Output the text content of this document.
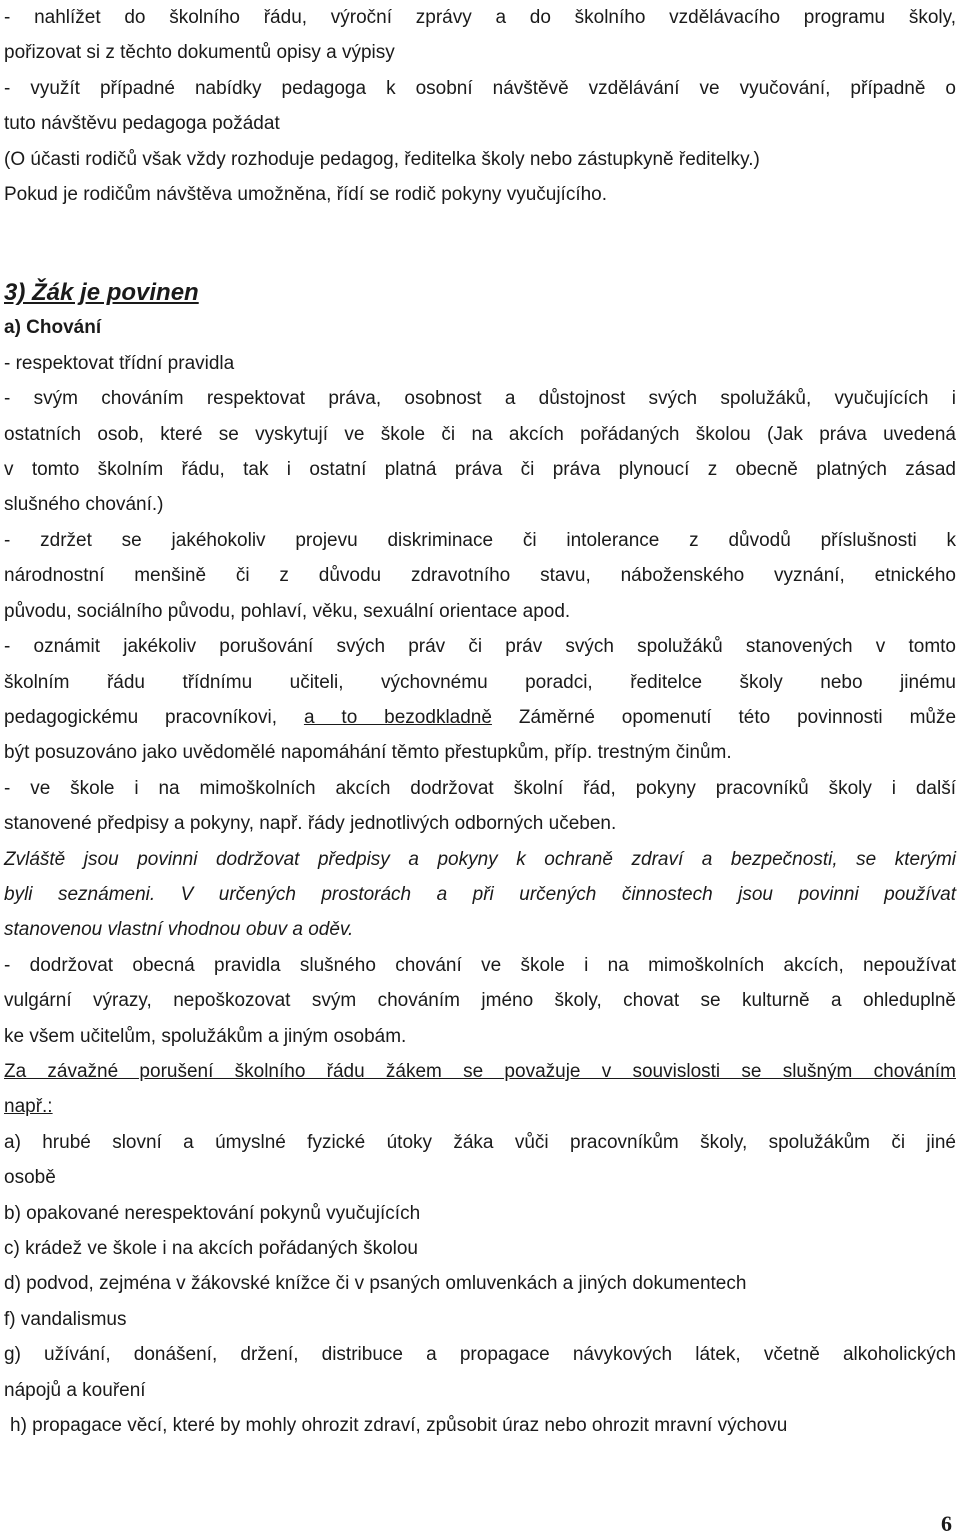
- nahlížet do školního řádu, výroční zprávy a do školního vzdělávacího programu školy,
pořizovat si z těchto dokumentů opisy a výpisy
- využít případné nabídky pedagoga k osobní návštěvě vzdělávání ve vyučování, případně o
tuto návštěvu pedagoga požádat
(O účasti rodičů však vždy rozhoduje pedagog, ředitelka školy nebo zástupkyně ředitelky.)
Pokud je rodičům návštěva umožněna, řídí se rodič pokyny vyučujícího.
3) Žák je povinen
a) Chování
- respektovat třídní pravidla
- svým chováním respektovat práva, osobnost a důstojnost svých spolužáků, vyučujících i
ostatních osob, které se vyskytují ve škole či na akcích pořádaných školou (Jak práva uvedená
v tomto školním řádu, tak i ostatní platná práva či práva plynoucí z obecně platných zásad
slušného chování.)
- zdržet se jakéhokoliv projevu diskriminace či intolerance z důvodů příslušnosti k
národnostní menšině či z důvodu zdravotního stavu, náboženského vyznání, etnického
původu, sociálního původu, pohlaví, věku, sexuální orientace apod.
- oznámit jakékoliv porušování svých práv či práv svých spolužáků stanovených v tomto
školním řádu třídnímu učiteli, výchovnému poradci, ředitelce školy nebo jinému
pedagogickému pracovníkovi, a to bezodkladně Záměrné opomenutí této povinnosti může
být posuzováno jako uvědomělé napomáhání těmto přestupkům, příp. trestným činům.
- ve škole i na mimoškolních akcích dodržovat školní řád, pokyny pracovníků školy i další
stanovené předpisy a pokyny, např. řády jednotlivých odborných učeben.
Zvláště jsou povinni dodržovat předpisy a pokyny k ochraně zdraví a bezpečnosti, se kterými
byli seznámeni. V určených prostorách a při určených činnostech jsou povinni používat
stanovenou vlastní vhodnou obuv a oděv.
- dodržovat obecná pravidla slušného chování ve škole i na mimoškolních akcích, nepoužívat
vulgární výrazy, nepoškozovat svým chováním jméno školy, chovat se kulturně a ohleduplně
ke všem učitelům, spolužákům a jiným osobám.
Za závažné porušení školního řádu žákem se považuje v souvislosti se slušným chováním
např.:
a) hrubé slovní a úmyslné fyzické útoky žáka vůči pracovníkům školy, spolužákům či jiné
osobě
b) opakované nerespektování pokynů vyučujících
c) krádež ve škole i na akcích pořádaných školou
d) podvod, zejména v žákovské knížce či v psaných omluvenkách a jiných dokumentech
f) vandalismus
g) užívání, donášení, držení, distribuce a propagace návykových látek, včetně alkoholických
nápojů a kouření
h) propagace věcí, které by mohly ohrozit zdraví, způsobit úraz nebo ohrozit mravní výchovu
6
